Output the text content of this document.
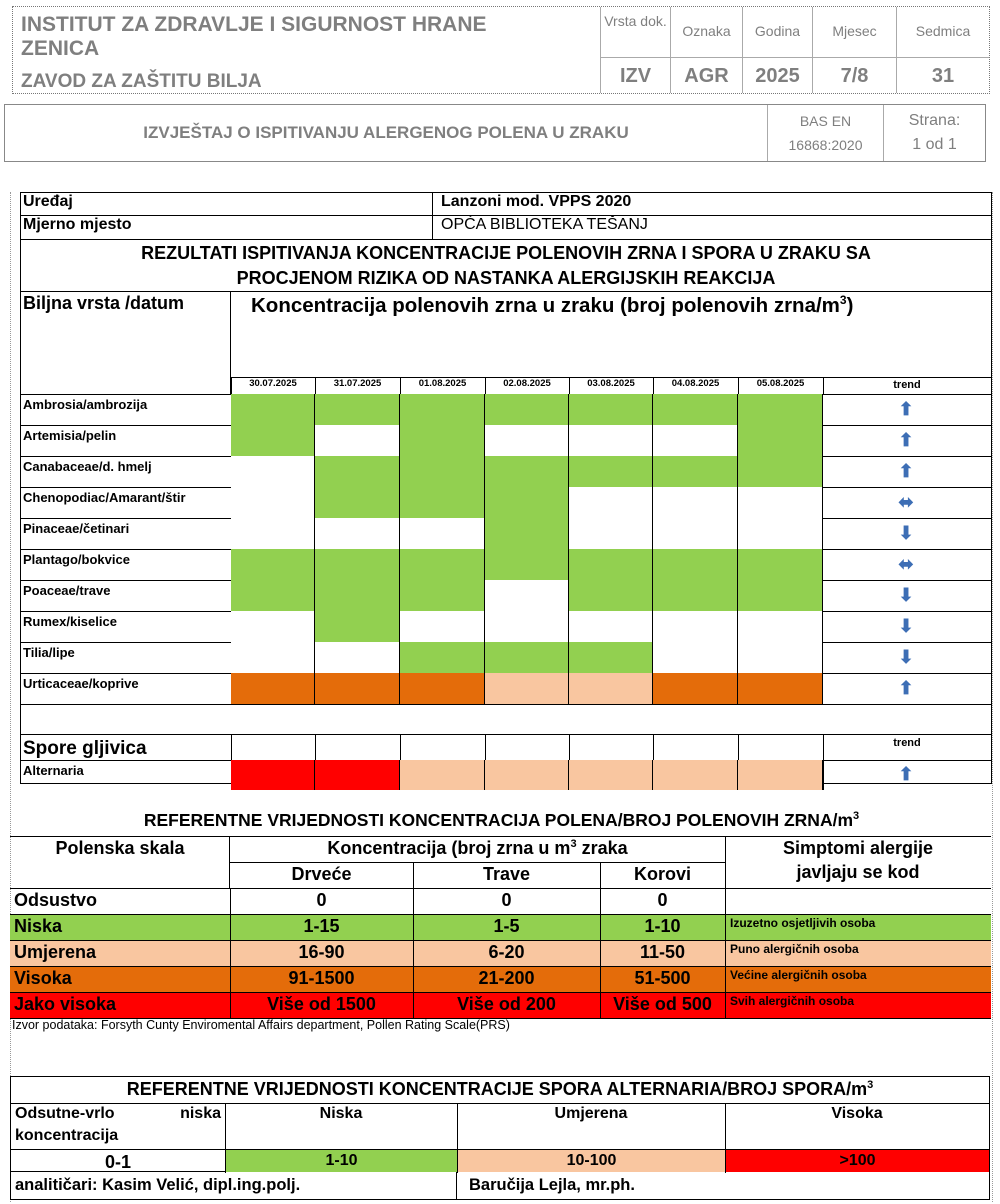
INSTITUT ZA ZDRAVLJE I SIGURNOST HRANE
ZENICA
ZAVOD ZA ZAŠTITU BILJA
Vrsta dok.
IZV
Oznaka
AGR
Godina
2025
Mjesec
7/8
Sedmica
31
IZVJEŠTAJ O ISPITIVANJU ALERGENOG POLENA U ZRAKU
BAS EN
16868:2020
Strana:
1 od 1
Uređaj	Lanzoni mod. VPPS 2020
Mjerno mjesto	OPĆA BIBLIOTEKA TEŠANJ
REZULTATI ISPITIVANJA KONCENTRACIJE POLENOVIH ZRNA I SPORA U ZRAKU SA
PROCJENOM RIZIKA OD NASTANKA ALERGIJSKIH REAKCIJA
Biljna vrsta /datum	Koncentracija polenovih zrna u zraku (broj polenovih zrna/$m^3$)
30.07.2025	31.07.2025	01.08.2025	02.08.2025	03.08.2025	04.08.2025	05.08.2025	trend
Ambrosia/ambrozija	⬆
Artemisia/pelin	⬆
Canabaceae/d. hmelj	⬆
Chenopodiac/Amarant/štir	⬌
Pinaceae/četinari	⬇
Plantago/bokvice	⬌
Poaceae/trave	⬇
Rumex/kiselice	⬇
Tilia/lipe	⬇
Urticaceae/koprive	⬆
Spore gljivica	trend
Alternaria	⬆
REFERENTNE VRIJEDNOSTI KONCENTRACIJA POLENA/BROJ POLENOVIH ZRNA/$m^3$
Polenska skala	Koncentracija (broj zrna u $m^3$ zraka
Drveće	Trave	Korovi
Simptomi alergije
javljaju se kod
Odsustvo	0	0	0
Niska	1-15	1-5	1-10	Izuzetno osjetljivih osoba
Umjerena	16-90	6-20	11-50	Puno alergičnih osoba
Visoka	91-1500	21-200	51-500	Većine alergičnih osoba
Jako visoka	Više od 1500	Više od 200	Više od 500	Svih alergičnih osoba
Izvor podataka: Forsyth Cunty Enviromental Affairs department, Pollen Rating Scale(PRS)
REFERENTNE VRIJEDNOSTI KONCENTRACIJE SPORA ALTERNARIA/BROJ SPORA/$m^3$
Odsutne-vrlo niska
koncentracija
Niska	Umjerena	Visoka
0-1	1-10	10-100	>100
analitičari: Kasim Velić, dipl.ing.polj.	Baručija Lejla, mr.ph.
